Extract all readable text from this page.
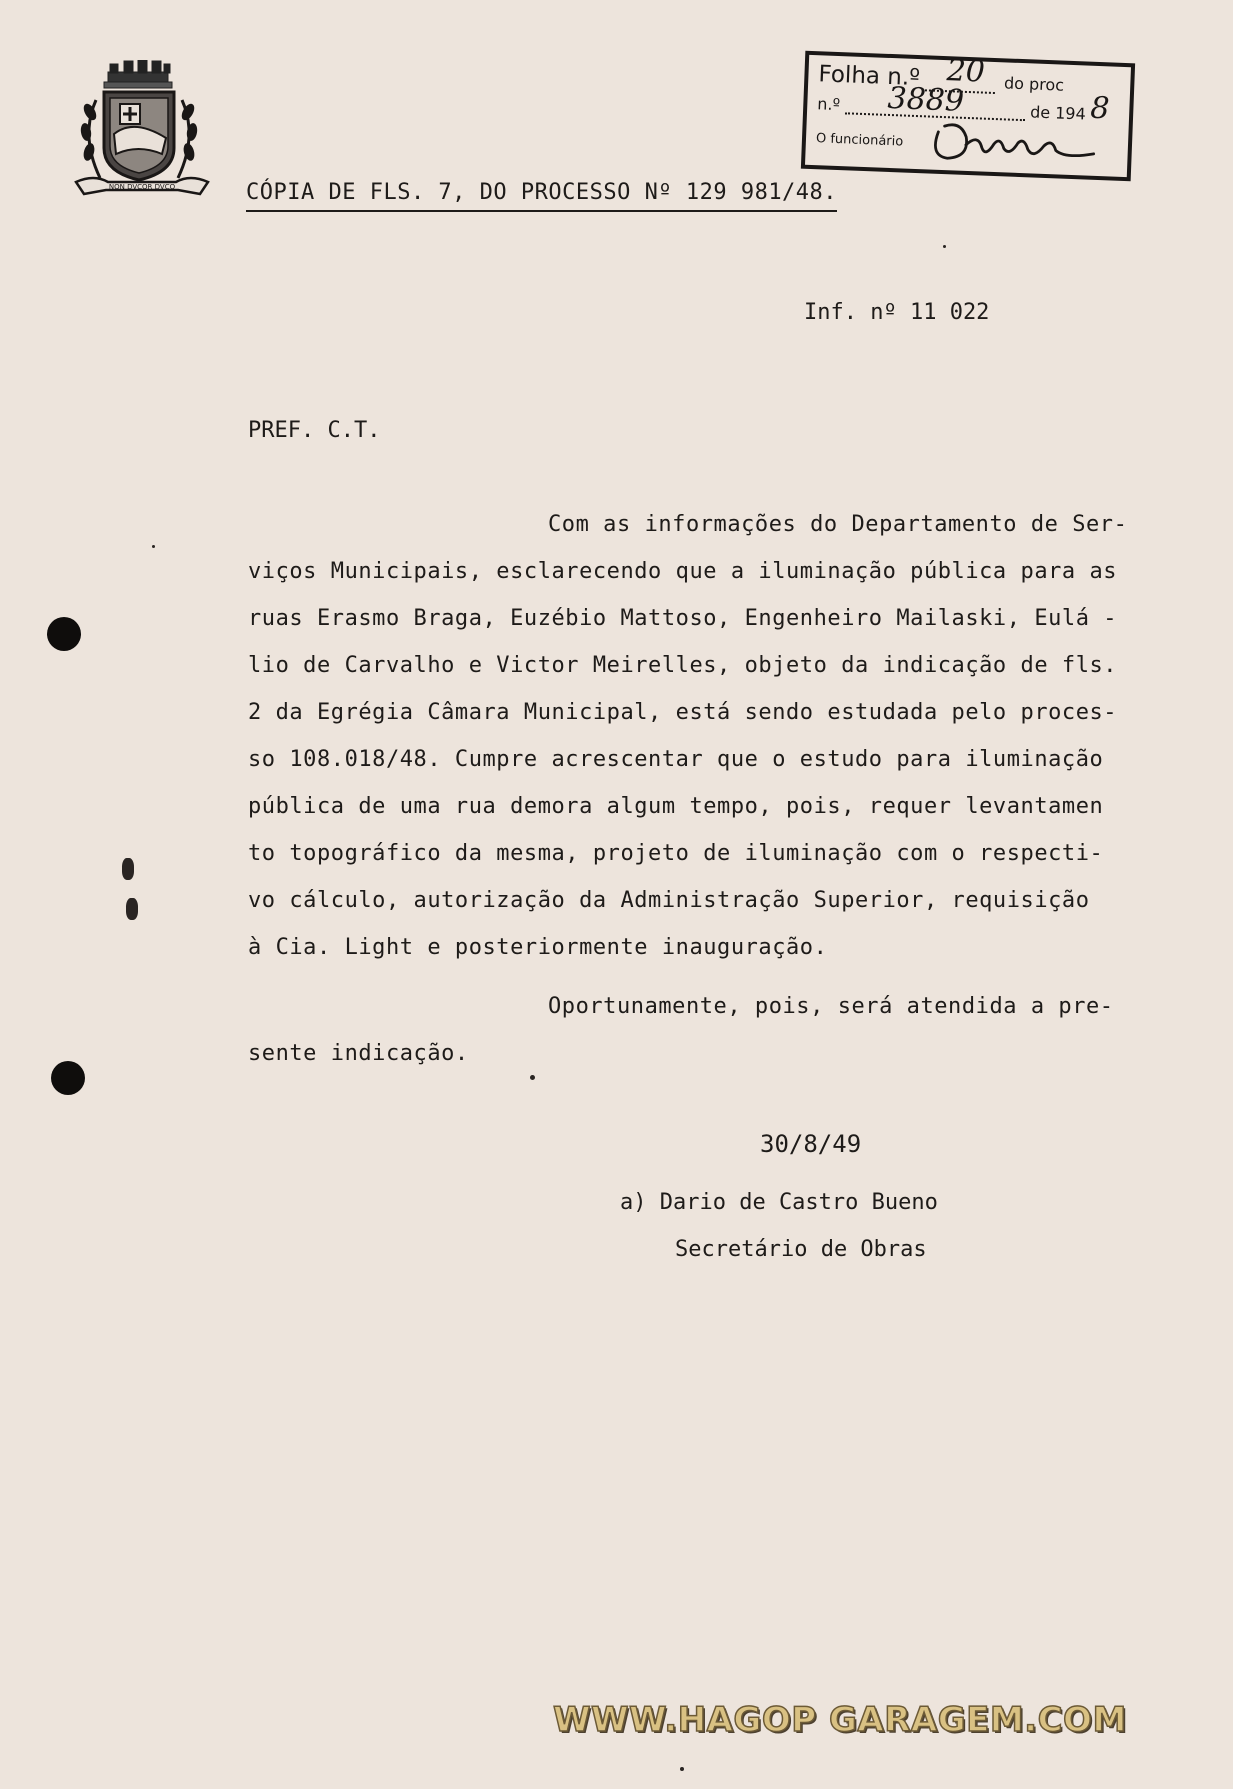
NON DVCOR DVCO
Folha n.º	do proc
20
n.º	de 194
3889	8
O funcionário
CÓPIA DE FLS. 7, DO PROCESSO Nº 129 981/48.
Inf. nº 11 022
PREF. C.T.
Com as informações do Departamento de Ser-
viços Municipais, esclarecendo que a iluminação pública para as
ruas Erasmo Braga, Euzébio Mattoso, Engenheiro Mailaski, Eulá -
lio de Carvalho e Victor Meirelles, objeto da indicação de fls.
2 da Egrégia Câmara Municipal, está sendo estudada pelo proces-
so 108.018/48. Cumpre acrescentar que o estudo para iluminação
pública de uma rua demora algum tempo, pois, requer levantamen
to topográfico da mesma, projeto de iluminação com o respecti-
vo cálculo, autorização da Administração Superior, requisição
à Cia. Light e posteriormente inauguração.
Oportunamente, pois, será atendida a pre-
sente indicação.
30/8/49
a) Dario de Castro Bueno
Secretário de Obras
WWW.HAGOP GARAGEM.COM
